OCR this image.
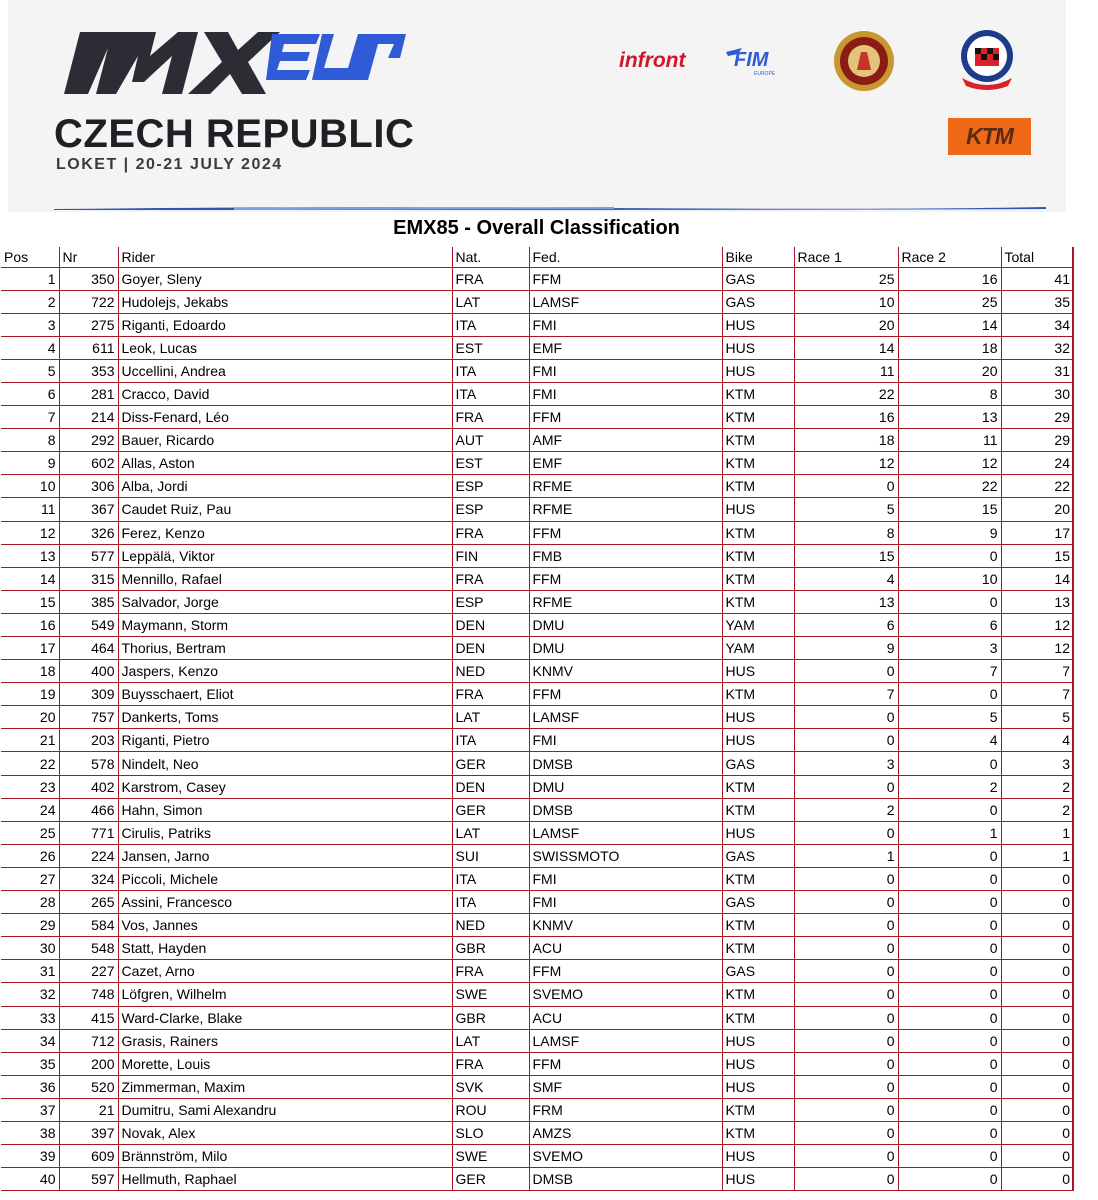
CZECH REPUBLIC
LOKET | 20-21 JULY 2024
infront FIM
EUROPE
KTM
EMX85 - Overall Classification
Pos	Nr	Rider	Nat.	Fed.	Bike	Race 1	Race 2	Total
1	350	Goyer, Sleny	FRA	FFM	GAS	25	16	41
2	722	Hudolejs, Jekabs	LAT	LAMSF	GAS	10	25	35
3	275	Riganti, Edoardo	ITA	FMI	HUS	20	14	34
4	611	Leok, Lucas	EST	EMF	HUS	14	18	32
5	353	Uccellini, Andrea	ITA	FMI	HUS	11	20	31
6	281	Cracco, David	ITA	FMI	KTM	22	8	30
7	214	Diss-Fenard, Léo	FRA	FFM	KTM	16	13	29
8	292	Bauer, Ricardo	AUT	AMF	KTM	18	11	29
9	602	Allas, Aston	EST	EMF	KTM	12	12	24
10	306	Alba, Jordi	ESP	RFME	KTM	0	22	22
11	367	Caudet Ruiz, Pau	ESP	RFME	HUS	5	15	20
12	326	Ferez, Kenzo	FRA	FFM	KTM	8	9	17
13	577	Leppälä, Viktor	FIN	FMB	KTM	15	0	15
14	315	Mennillo, Rafael	FRA	FFM	KTM	4	10	14
15	385	Salvador, Jorge	ESP	RFME	KTM	13	0	13
16	549	Maymann, Storm	DEN	DMU	YAM	6	6	12
17	464	Thorius, Bertram	DEN	DMU	YAM	9	3	12
18	400	Jaspers, Kenzo	NED	KNMV	HUS	0	7	7
19	309	Buysschaert, Eliot	FRA	FFM	KTM	7	0	7
20	757	Dankerts, Toms	LAT	LAMSF	HUS	0	5	5
21	203	Riganti, Pietro	ITA	FMI	HUS	0	4	4
22	578	Nindelt, Neo	GER	DMSB	GAS	3	0	3
23	402	Karstrom, Casey	DEN	DMU	KTM	0	2	2
24	466	Hahn, Simon	GER	DMSB	KTM	2	0	2
25	771	Cirulis, Patriks	LAT	LAMSF	HUS	0	1	1
26	224	Jansen, Jarno	SUI	SWISSMOTO	GAS	1	0	1
27	324	Piccoli, Michele	ITA	FMI	KTM	0	0	0
28	265	Assini, Francesco	ITA	FMI	GAS	0	0	0
29	584	Vos, Jannes	NED	KNMV	KTM	0	0	0
30	548	Statt, Hayden	GBR	ACU	KTM	0	0	0
31	227	Cazet, Arno	FRA	FFM	GAS	0	0	0
32	748	Löfgren, Wilhelm	SWE	SVEMO	KTM	0	0	0
33	415	Ward-Clarke, Blake	GBR	ACU	KTM	0	0	0
34	712	Grasis, Rainers	LAT	LAMSF	HUS	0	0	0
35	200	Morette, Louis	FRA	FFM	HUS	0	0	0
36	520	Zimmerman, Maxim	SVK	SMF	HUS	0	0	0
37	21	Dumitru, Sami Alexandru	ROU	FRM	KTM	0	0	0
38	397	Novak, Alex	SLO	AMZS	KTM	0	0	0
39	609	Brännström, Milo	SWE	SVEMO	HUS	0	0	0
40	597	Hellmuth, Raphael	GER	DMSB	HUS	0	0	0
